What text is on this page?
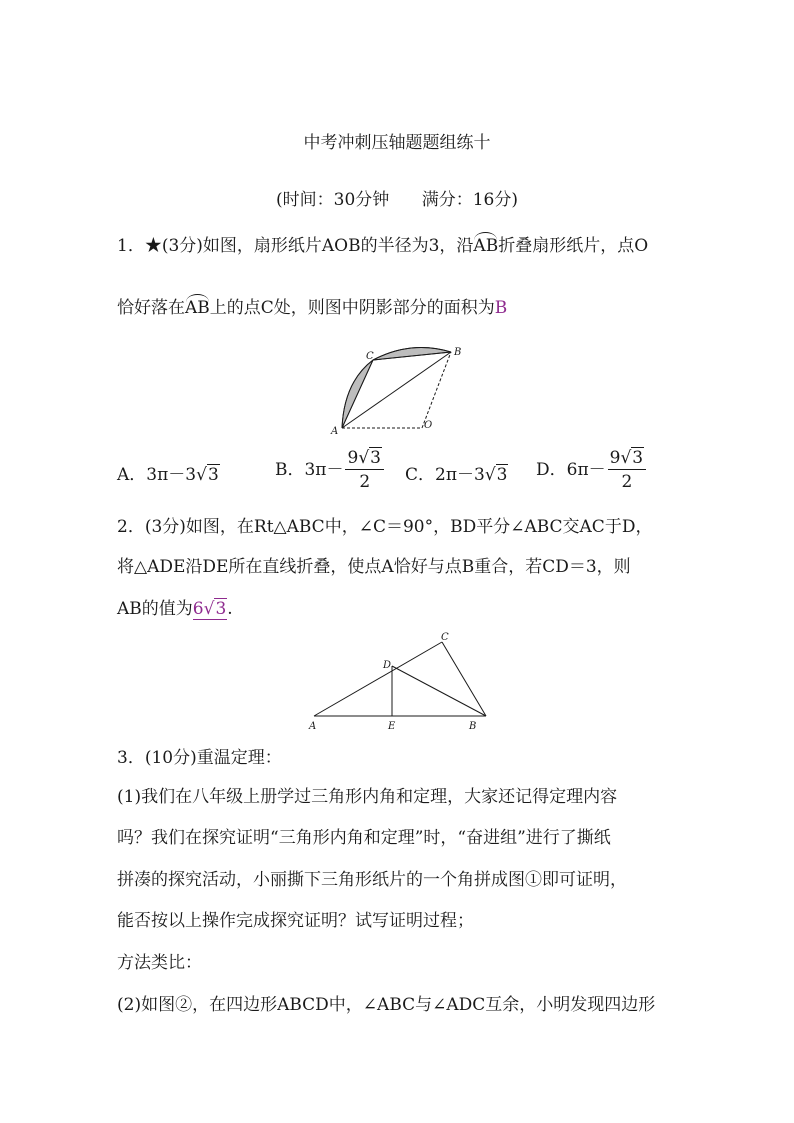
中考冲刺压轴题题组练十
(时间：30分钟      满分：16分)
1．★(3分)如图，扇形纸片AOB的半径为3，沿AB折叠扇形纸片，点O
恰好落在AB上的点C处，则图中阴影部分的面积为B
C	B
A
O
A．3π－3√3	B．$3\pi- \frac{9√3}{2}$ C．2π－3√3 D．$6\pi- \frac{9√3}{2}$
2．(3分)如图，在Rt△ABC中，∠C＝90°，BD平分∠ABC交AC于D，
将△ADE沿DE所在直线折叠，使点A恰好与点B重合，若CD＝3，则
AB的值为6√3.
C
D
A	E	B
3．(10分)重温定理：
(1)我们在八年级上册学过三角形内角和定理，大家还记得定理内容
吗？我们在探究证明“三角形内角和定理”时，“奋进组”进行了撕纸
拼凑的探究活动，小丽撕下三角形纸片的一个角拼成图①即可证明，
能否按以上操作完成探究证明？试写证明过程；
方法类比：
(2)如图②，在四边形ABCD中，∠ABC与∠ADC互余，小明发现四边形
